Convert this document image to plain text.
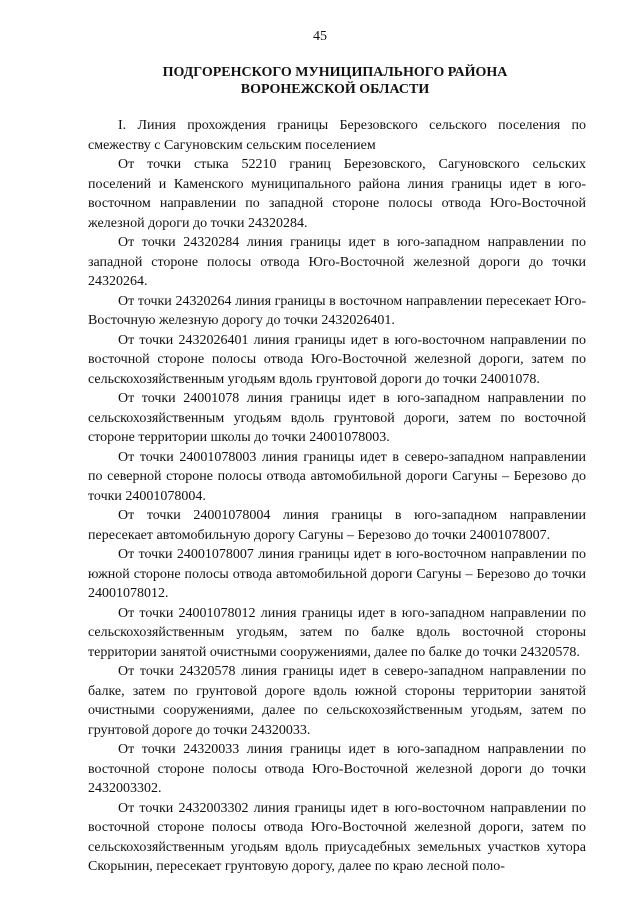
45
ПОДГОРЕНСКОГО МУНИЦИПАЛЬНОГО РАЙОНА
ВОРОНЕЖСКОЙ ОБЛАСТИ

I. Линия прохождения границы Березовского сельского поселения по смежеству с Сагуновским сельским поселением

От точки стыка 52210 границ Березовского, Сагуновского сельских поселений и Каменского муниципального района линия границы идет в юго-восточном направлении по западной стороне полосы отвода Юго-Восточной железной дороги до точки 24320284.

От точки 24320284 линия границы идет в юго-западном направлении по западной стороне полосы отвода Юго-Восточной железной дороги до точки 24320264.

От точки 24320264 линия границы в восточном направлении пересекает Юго-Восточную железную дорогу до точки 2432026401.

От точки 2432026401 линия границы идет в юго-восточном направлении по восточной стороне полосы отвода Юго-Восточной железной дороги, затем по сельскохозяйственным угодьям вдоль грунтовой дороги до точки 24001078.

От точки 24001078 линия границы идет в юго-западном направлении по сельскохозяйственным угодьям вдоль грунтовой дороги, затем по восточной стороне территории школы до точки 24001078003.

От точки 24001078003 линия границы идет в северо-западном направлении по северной стороне полосы отвода автомобильной дороги Сагуны – Березово до точки 24001078004.

От точки 24001078004 линия границы в юго-западном направлении пересекает автомобильную дорогу Сагуны – Березово до точки 24001078007.

От точки 24001078007 линия границы идет в юго-восточном направлении по южной стороне полосы отвода автомобильной дороги Сагуны – Березово до точки 24001078012.

От точки 24001078012 линия границы идет в юго-западном направлении по сельскохозяйственным угодьям, затем по балке вдоль восточной стороны территории занятой очистными сооружениями, далее по балке до точки 24320578.

От точки 24320578 линия границы идет в северо-западном направлении по балке, затем по грунтовой дороге вдоль южной стороны территории занятой очистными сооружениями, далее по сельскохозяйственным угодьям, затем по грунтовой дороге до точки 24320033.

От точки 24320033 линия границы идет в юго-западном направлении по восточной стороне полосы отвода Юго-Восточной железной дороги до точки 2432003302.

От точки 2432003302 линия границы идет в юго-восточном направлении по восточной стороне полосы отвода Юго-Восточной железной дороги, затем по сельскохозяйственным угодьям вдоль приусадебных земельных участков хутора Скорынин, пересекает грунтовую дорогу, далее по краю лесной поло-
